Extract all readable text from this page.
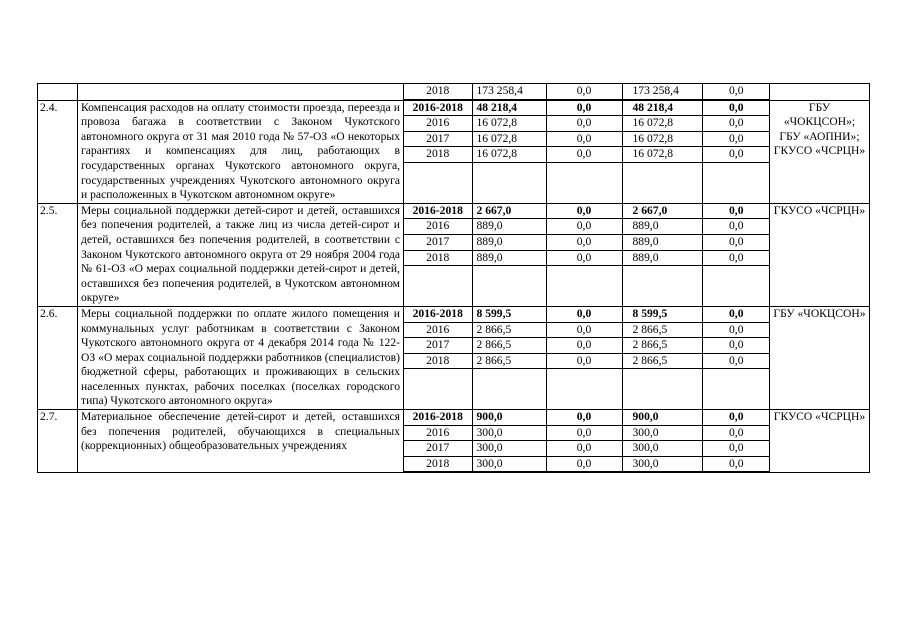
2018	173 258,4	0,0	173 258,4	0,0

2.4.	Компенсация расходов на оплату стоимости проезда, переезда и провоза багажа в соответствии с Законом Чукотского автономного округа от 31 мая 2010 года № 57-ОЗ «О некоторых гарантиях и компенсациях для лиц, работающих в государственных органах Чукотского автономного округа, государственных учреждениях Чукотского автономного округа и расположенных в Чукотском автономном округе»

2016-2018	48 218,4	0,0	48 218,4	0,0
2016	16 072,8	0,0	16 072,8	0,0
2017	16 072,8	0,0	16 072,8	0,0
2018	16 072,8	0,0	16 072,8	0,0

ГБУ «ЧОКЦСОН»;
ГБУ «АОПНИ»;
ГКУСО «ЧСРЦН»

2.5.	Меры социальной поддержки детей-сирот и детей, оставшихся без попечения родителей, а также лиц из числа детей-сирот и детей, оставшихся без попечения родителей, в соответствии с Законом Чукотского автономного округа от 29 ноября 2004 года № 61-ОЗ «О мерах социальной поддержки детей-сирот и детей, оставшихся без попечения родителей, в Чукотском автономном округе»

2016-2018	2 667,0	0,0	2 667,0	0,0
2016	889,0	0,0	889,0	0,0
2017	889,0	0,0	889,0	0,0
2018	889,0	0,0	889,0	0,0

ГКУСО «ЧСРЦН»

2.6.	Меры социальной поддержки по оплате жилого помещения и коммунальных услуг работникам в соответствии с Законом Чукотского автономного округа от 4 декабря 2014 года № 122-ОЗ «О мерах социальной поддержки работников (специалистов) бюджетной сферы, работающих и проживающих в сельских населенных пунктах, рабочих поселках (поселках городского типа) Чукотского автономного округа»

2016-2018	8 599,5	0,0	8 599,5	0,0
2016	2 866,5	0,0	2 866,5	0,0
2017	2 866,5	0,0	2 866,5	0,0
2018	2 866,5	0,0	2 866,5	0,0

ГБУ «ЧОКЦСОН»

2.7.	Материальное обеспечение детей-сирот и детей, оставшихся без попечения родителей, обучающихся в специальных (коррекционных) общеобразовательных учреждениях

2016-2018	900,0	0,0	900,0	0,0
2016	300,0	0,0	300,0	0,0
2017	300,0	0,0	300,0	0,0
2018	300,0	0,0	300,0	0,0

ГКУСО «ЧСРЦН»
